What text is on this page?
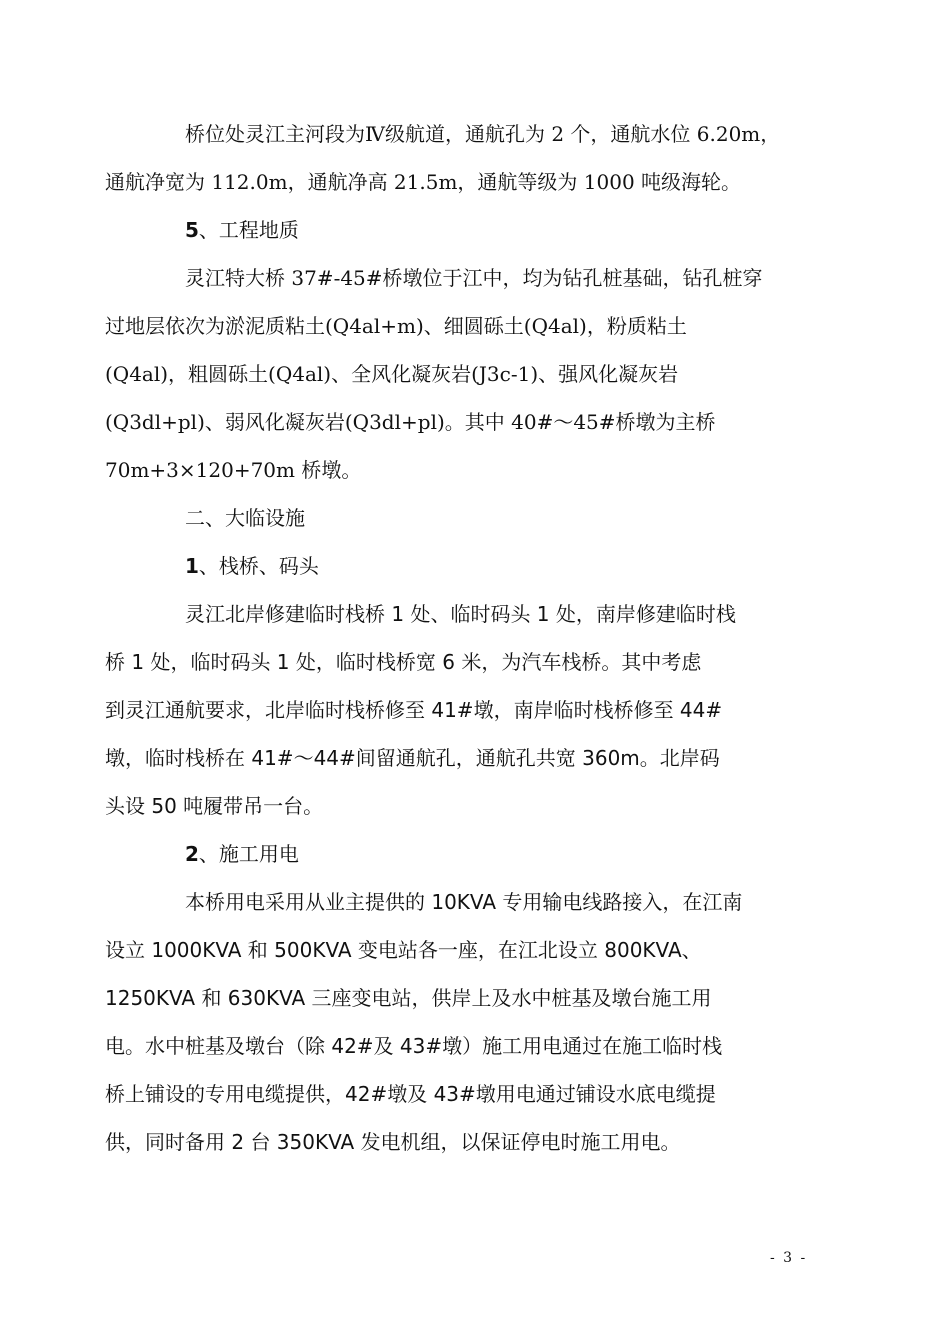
桥位处灵江主河段为Ⅳ级航道，通航孔为 2 个，通航水位 6.20m，
通航净宽为 112.0m，通航净高 21.5m，通航等级为 1000 吨级海轮。

5、工程地质

灵江特大桥 37#-45#桥墩位于江中，均为钻孔桩基础，钻孔桩穿
过地层依次为淤泥质粘土(Q4al+m)、细圆砾土(Q4al)，粉质粘土
(Q4al)，粗圆砾土(Q4al)、全风化凝灰岩(J3c-1)、强风化凝灰岩
(Q3dl+pl)、弱风化凝灰岩(Q3dl+pl)。其中 40#～45#桥墩为主桥
70m+3×120+70m 桥墩。

二、大临设施

1、栈桥、码头

灵江北岸修建临时栈桥 1 处、临时码头 1 处，南岸修建临时栈
桥 1 处，临时码头 1 处，临时栈桥宽 6 米，为汽车栈桥。其中考虑
到灵江通航要求，北岸临时栈桥修至 41#墩，南岸临时栈桥修至 44#
墩，临时栈桥在 41#～44#间留通航孔，通航孔共宽 360m。北岸码
头设 50 吨履带吊一台。

2、施工用电

本桥用电采用从业主提供的 10KVA 专用输电线路接入，在江南
设立 1000KVA 和 500KVA 变电站各一座，在江北设立 800KVA、
1250KVA 和 630KVA 三座变电站，供岸上及水中桩基及墩台施工用
电。水中桩基及墩台（除 42#及 43#墩）施工用电通过在施工临时栈
桥上铺设的专用电缆提供，42#墩及 43#墩用电通过铺设水底电缆提
供，同时备用 2 台 350KVA 发电机组，以保证停电时施工用电。

- 3 -
